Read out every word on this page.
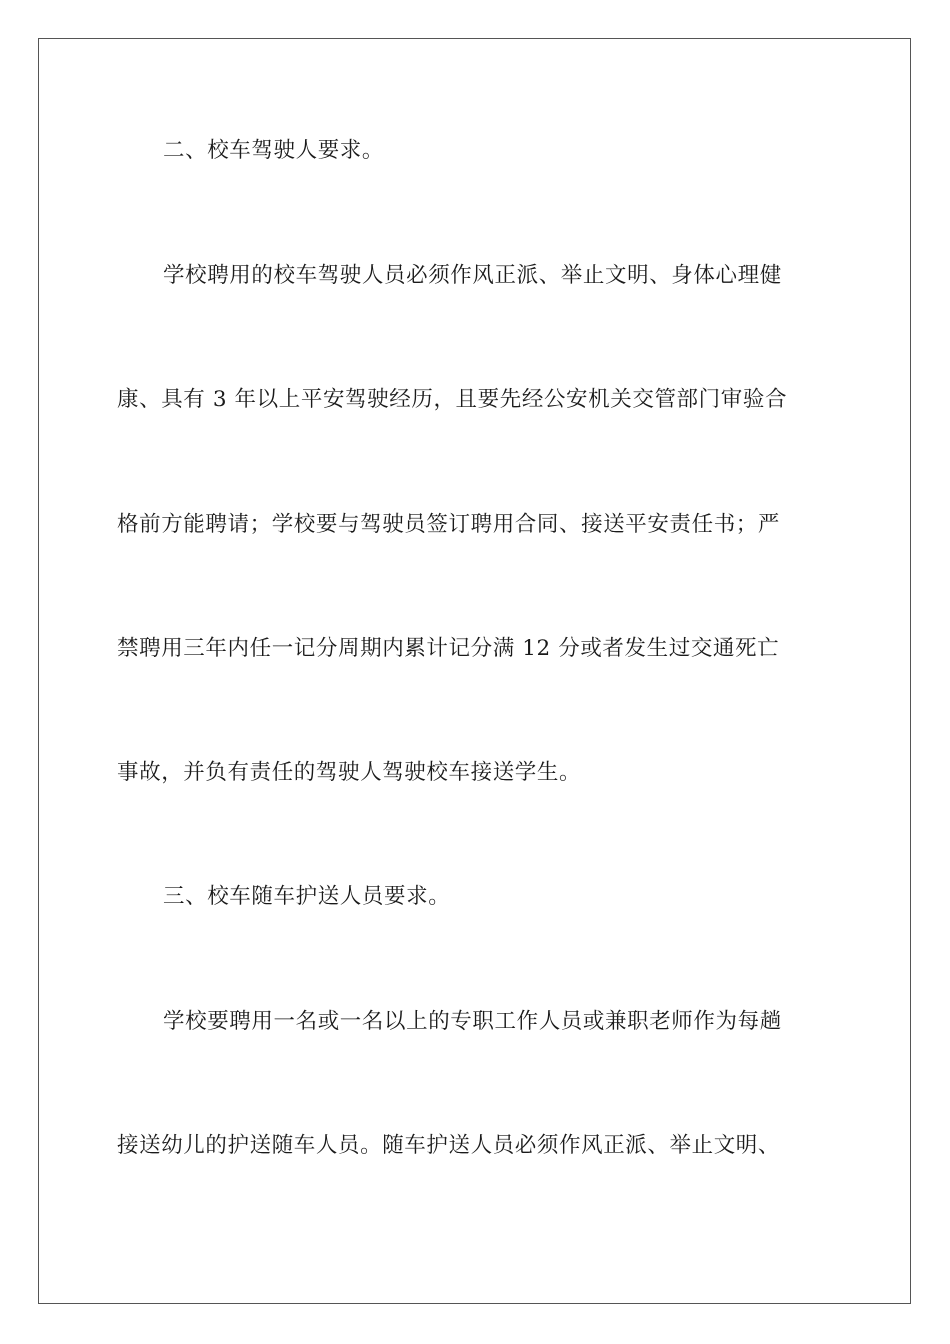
二、校车驾驶人要求。
学校聘用的校车驾驶人员必须作风正派、举止文明、身体心理健
康、具有 3 年以上平安驾驶经历，且要先经公安机关交管部门审验合
格前方能聘请；学校要与驾驶员签订聘用合同、接送平安责任书；严
禁聘用三年内任一记分周期内累计记分满 12 分或者发生过交通死亡
事故，并负有责任的驾驶人驾驶校车接送学生。
三、校车随车护送人员要求。
学校要聘用一名或一名以上的专职工作人员或兼职老师作为每趟
接送幼儿的护送随车人员。随车护送人员必须作风正派、举止文明、
